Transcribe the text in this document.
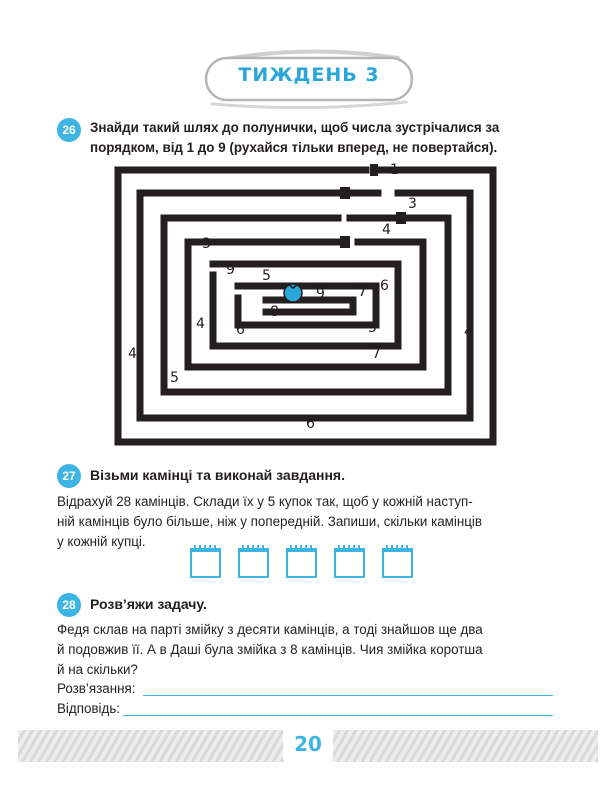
ТИЖДЕНЬ 3
26	Знайди такий шлях до полунички, щоб числа зустрічалися за
порядком, від 1 до 9 (рухайся тільки вперед, не повертайся).
1
2
3
2
3
4
9 5
9 7 6
8
4 6	5
4
5
7
4
6
27	Візьми камінці та виконай завдання.
Відрахуй 28 камінців. Склади їх у 5 купок так, щоб у кожній наступ-
ній камінців було більше, ніж у попередній. Запиши, скільки камінців
у кожній купці.
28	Розв’яжи задачу.
Федя склав на парті змійку з десяти камінців, а тоді знайшов ще два
й подовжив її. А в Даші була змійка з 8 камінців. Чия змійка коротша
й на скільки?
Розв’язання:
Відповідь:
20
